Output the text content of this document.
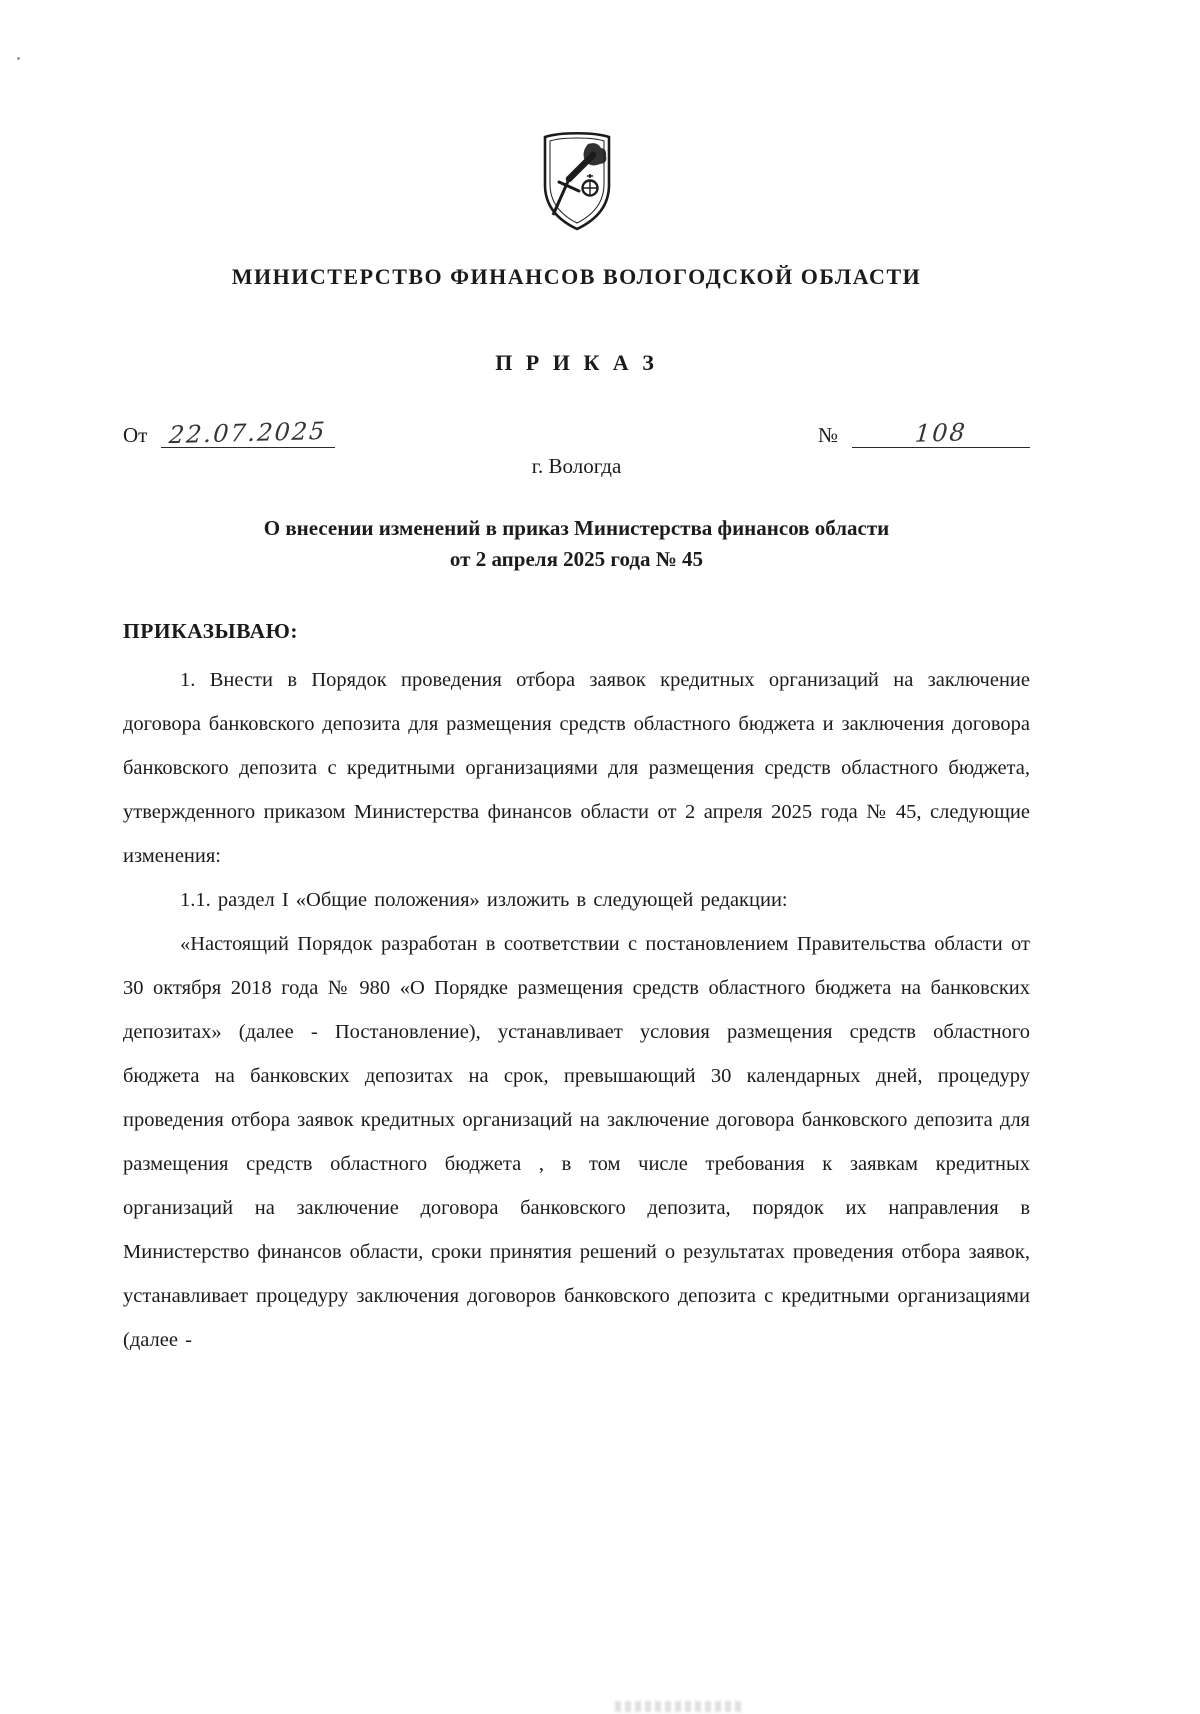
МИНИСТЕРСТВО ФИНАНСОВ ВОЛОГОДСКОЙ ОБЛАСТИ
П Р И К А З
От 22.07.2025	№	108
г. Вологда
О внесении изменений в приказ Министерства финансов области
от 2 апреля 2025 года № 45
ПРИКАЗЫВАЮ:

1. Внести в Порядок проведения отбора заявок кредитных организаций на заключение договора банковского депозита для размещения средств областного бюджета и заключения договора банковского депозита с кредитными организациями для размещения средств областного бюджета, утвержденного приказом Министерства финансов области от 2 апреля 2025 года № 45, следующие изменения:

1.1. раздел I «Общие положения» изложить в следующей редакции:

«Настоящий Порядок разработан в соответствии с постановлением Правительства области от 30 октября 2018 года № 980 «О Порядке размещения средств областного бюджета на банковских депозитах» (далее - Постановление), устанавливает условия размещения средств областного бюджета на банковских депозитах на срок, превышающий 30 календарных дней, процедуру проведения отбора заявок кредитных организаций на заключение договора банковского депозита для размещения средств областного бюджета , в том числе требования к заявкам кредитных организаций на заключение договора банковского депозита, порядок их направления в Министерство финансов области, сроки принятия решений о результатах проведения отбора заявок, устанавливает процедуру заключения договоров банковского депозита с кредитными организациями (далее -
